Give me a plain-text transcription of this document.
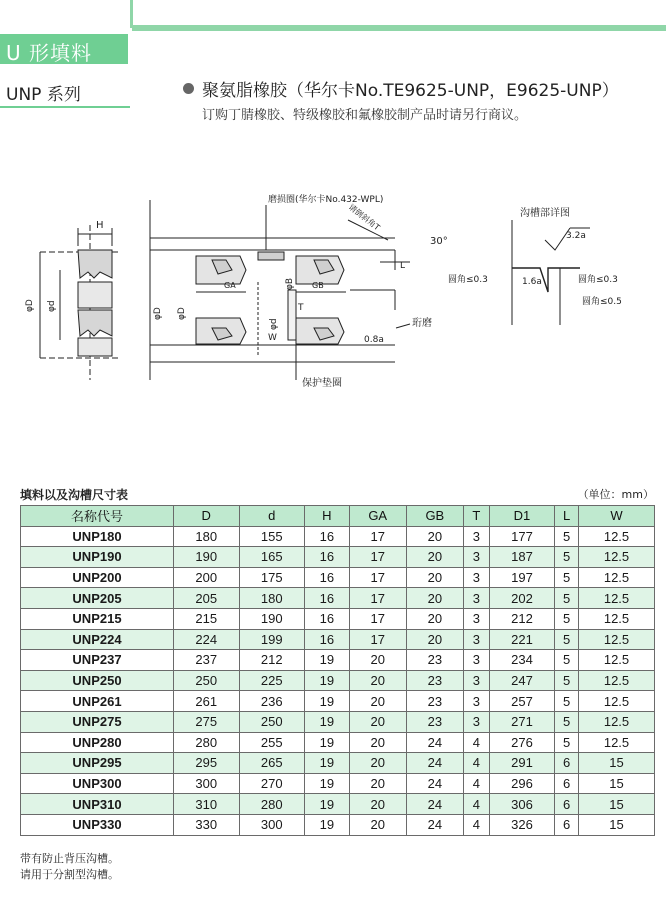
U 形填料
UNP 系列	聚氨脂橡胶（华尔卡No.TE9625-UNP，E9625-UNP）
订购丁腈橡胶、特级橡胶和氟橡胶制产品时请另行商议。
H
φD φd
磨损圈(华尔卡No.432-WPL)
请倒斜角T
30°
L
GA	GB
φB
φD φD
φd
W
T
0.8a
珩磨
保护垫圈
沟槽部详图
3.2a
1.6a
圆角≤0.3	圆角≤0.3
圆角≤0.5
填料以及沟槽尺寸表	（单位：mm）
名称代号	D	d	H	GA	GB	T	D1	L	W
UNP180	180	155	16	17	20	3	177	5	12.5
UNP190	190	165	16	17	20	3	187	5	12.5
UNP200	200	175	16	17	20	3	197	5	12.5
UNP205	205	180	16	17	20	3	202	5	12.5
UNP215	215	190	16	17	20	3	212	5	12.5
UNP224	224	199	16	17	20	3	221	5	12.5
UNP237	237	212	19	20	23	3	234	5	12.5
UNP250	250	225	19	20	23	3	247	5	12.5
UNP261	261	236	19	20	23	3	257	5	12.5
UNP275	275	250	19	20	23	3	271	5	12.5
UNP280	280	255	19	20	24	4	276	5	12.5
UNP295	295	265	19	20	24	4	291	6	15
UNP300	300	270	19	20	24	4	296	6	15
UNP310	310	280	19	20	24	4	306	6	15
UNP330	330	300	19	20	24	4	326	6	15
带有防止背压沟槽。
请用于分割型沟槽。
